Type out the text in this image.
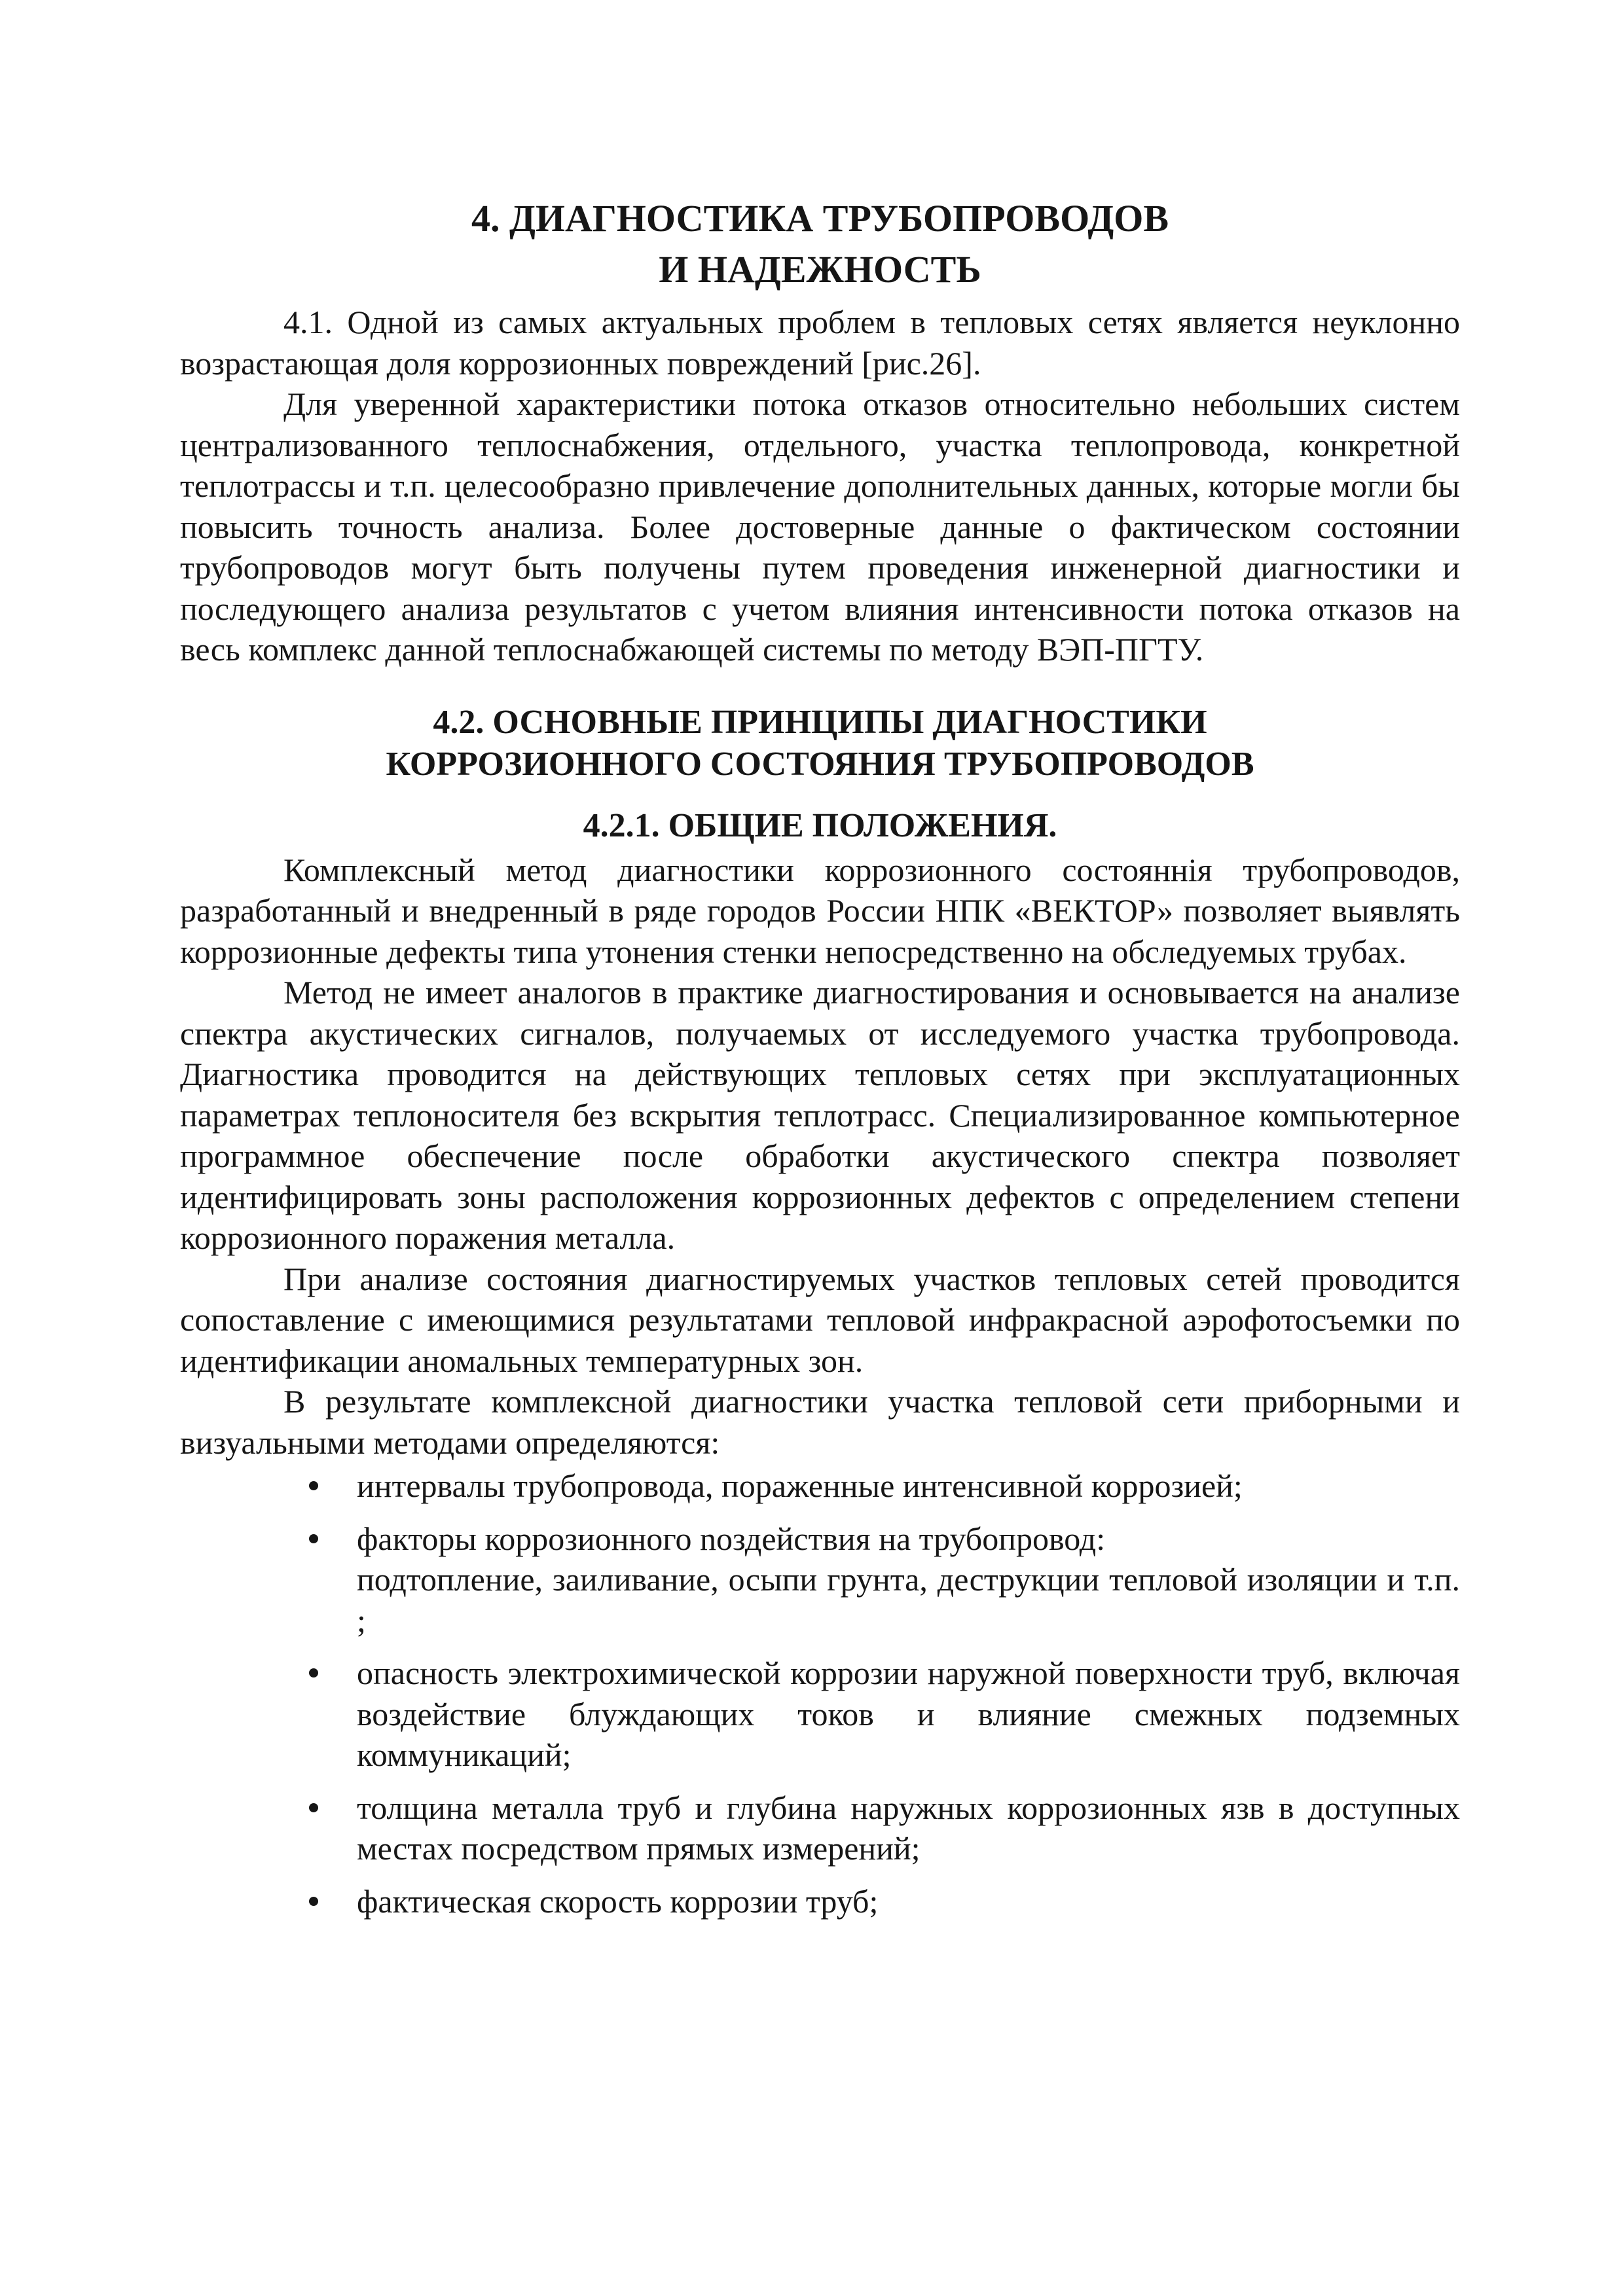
4. ДИАГНОСТИКА ТРУБОПРОВОДОВ
И НАДЕЖНОСТЬ

4.1. Одной из самых актуальных проблем в тепловых сетях является неуклонно возрастающая доля коррозионных повреждений [рис.26].

Для уверенной характеристики потока отказов относительно небольших систем централизованного теплоснабжения, отдельного, участка теплопровода, конкретной теплотрассы и т.п. целесообразно привлечение дополнительных данных, которые могли бы повысить точность анализа. Более достоверные данные о фактическом состоянии трубопроводов могут быть получены путем проведения инженерной диагностики и последующего анализа результатов с учетом влияния интенсивности потока отказов на весь комплекс данной теплоснабжающей системы по методу ВЭП-ПГТУ.

4.2. ОСНОВНЫЕ ПРИНЦИПЫ ДИАГНОСТИКИ
КОРРОЗИОННОГО СОСТОЯНИЯ ТРУБОПРОВОДОВ
4.2.1. ОБЩИЕ ПОЛОЖЕНИЯ.

Комплексный метод диагностики коррозионного состояннія трубопроводов, разработанный и внедренный в ряде городов России НПК «ВЕКТОР» позволяет выявлять коррозионные дефекты типа утонения стенки непосредственно на обследуемых трубах.

Метод не имеет аналогов в практике диагностирования и основывается на анализе спектра акустических сигналов, получаемых от исследуемого участка трубопровода. Диагностика проводится на действующих тепловых сетях при эксплуатационных параметрах теплоносителя без вскрытия теплотрасс. Специализированное компьютерное программное обеспечение после обработки акустического спектра позволяет идентифицировать зоны расположения коррозионных дефектов с определением степени коррозионного поражения металла.

При анализе состояния диагностируемых участков тепловых сетей проводится сопоставление с имеющимися результатами тепловой инфракрасной аэрофотосъемки по идентификации аномальных температурных зон.

В результате комплексной диагностики участка тепловой сети приборными и визуальными методами определяются:

интервалы трубопровода, пораженные интенсивной коррозией;
факторы коррозионного nоздействия на трубопровод:
подтопление, заиливание, осыпи грунта, деструкции тепловой изоляции и т.п. ;
опасность электрохимической коррозии наружной поверхности труб, включая воздействие блуждающих токов и влияние смежных подземных коммуникаций;
толщина металла труб и глубина наружных коррозионных язв в доступных местах посредством прямых измерений;
фактическая скорость коррозии труб;
